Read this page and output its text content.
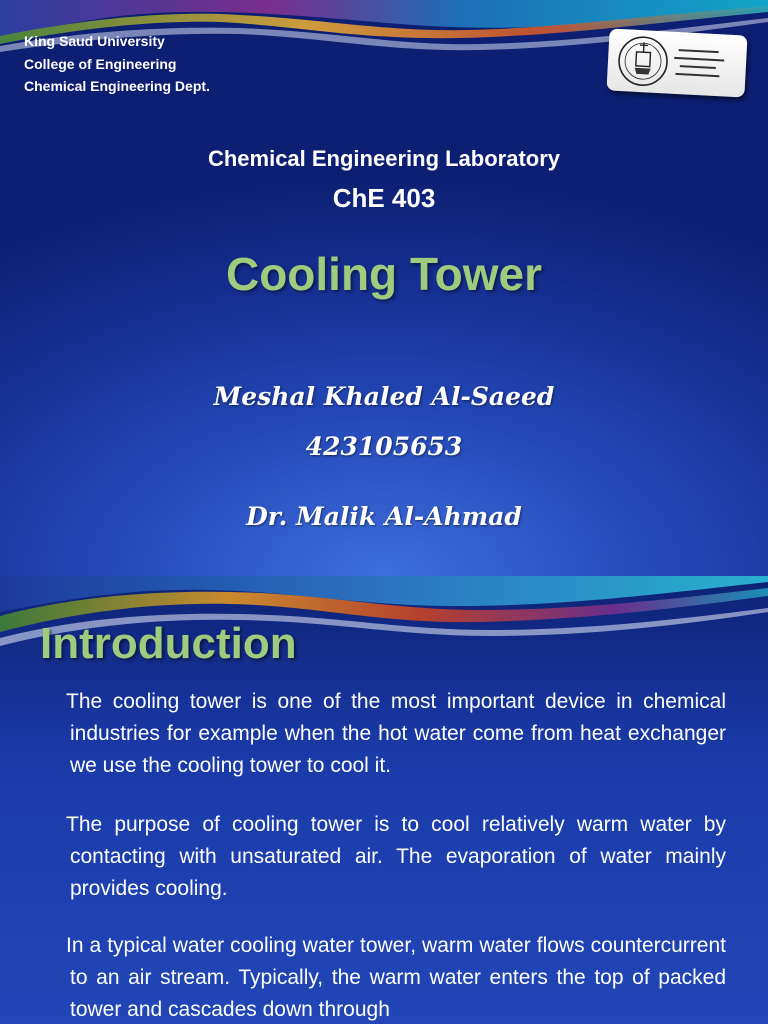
King Saud University
College of Engineering
Chemical Engineering Dept.
Chemical Engineering Laboratory
ChE 403
Cooling Tower
Meshal Khaled Al-Saeed
423105653
Dr. Malik Al-Ahmad
Introduction
The cooling tower is one of the most important device in chemical industries for example when the hot water come from heat exchanger we use the cooling tower to cool it.
The purpose of cooling tower is to cool relatively warm water by contacting with unsaturated air. The evaporation of water mainly provides cooling.
In a typical water cooling water tower, warm water flows countercurrent to an air stream. Typically, the warm water enters the top of packed tower and cascades down through
